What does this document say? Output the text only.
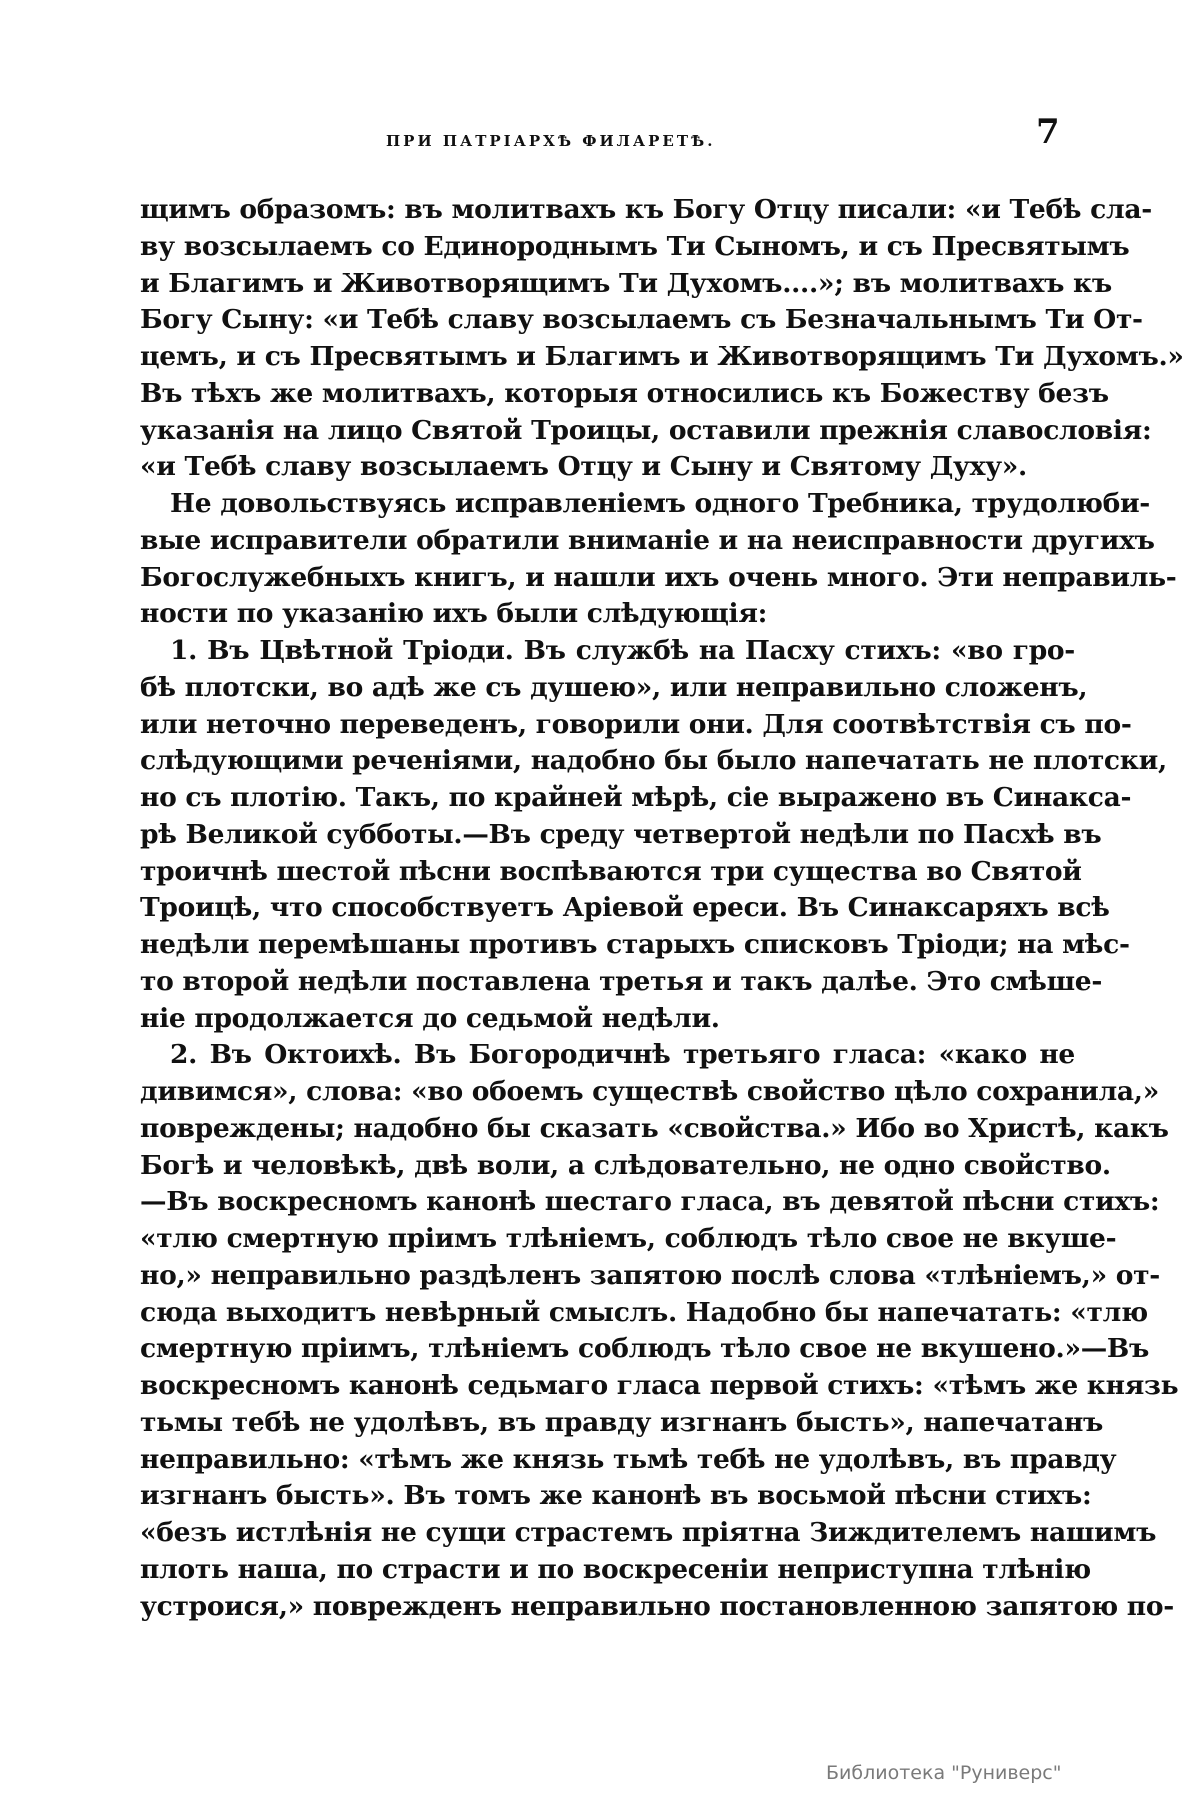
ПРИ ПАТРІАРХѢ ФИЛАРЕТѢ.	7
щимъ образомъ: въ молитвахъ къ Богу Отцу писали: «и Тебѣ сла-
ву возсылаемъ со Единороднымъ Ти Сыномъ, и съ Пресвятымъ
и Благимъ и Животворящимъ Ти Духомъ....»; въ молитвахъ къ
Богу Сыну: «и Тебѣ славу возсылаемъ съ Безначальнымъ Ти От-
цемъ, и съ Пресвятымъ и Благимъ и Животворящимъ Ти Духомъ.»
Въ тѣхъ же молитвахъ, которыя относились къ Божеству безъ
указанія на лицо Святой Троицы, оставили прежнія славословія:
«и Тебѣ славу возсылаемъ Отцу и Сыну и Святому Духу».
Не довольствуясь исправленіемъ одного Требника, трудолюби-
вые исправители обратили вниманіе и на неисправности другихъ
Богослужебныхъ книгъ, и нашли ихъ очень много. Эти неправиль-
ности по указанію ихъ были слѣдующія:
1. Въ Цвѣтной Тріоди. Въ службѣ на Пасху стихъ: «во гро-
бѣ плотски, во адѣ же съ душею», или неправильно сложенъ,
или неточно переведенъ, говорили они. Для соотвѣтствія съ по-
слѣдующими реченіями, надобно бы было напечатать не плотски,
но съ плотію. Такъ, по крайней мѣрѣ, сіе выражено въ Синакса-
рѣ Великой субботы.—Въ среду четвертой недѣли по Пасхѣ въ
троичнѣ шестой пѣсни воспѣваются три существа во Святой
Троицѣ, что способствуетъ Аріевой ереси. Въ Синаксаряхъ всѣ
недѣли перемѣшаны противъ старыхъ списковъ Тріоди; на мѣс-
то второй недѣли поставлена третья и такъ далѣе. Это смѣше-
ніе продолжается до седьмой недѣли.
2. Въ Октоихѣ. Въ Богородичнѣ третьяго гласа: «како не
дивимся», слова: «во обоемъ существѣ свойство цѣло сохранила,»
повреждены; надобно бы сказать «свойства.» Ибо во Христѣ, какъ
Богѣ и человѣкѣ, двѣ воли, а слѣдовательно, не одно свойство.
—Въ воскресномъ канонѣ шестаго гласа, въ девятой пѣсни стихъ:
«тлю смертную пріимъ тлѣніемъ, соблюдъ тѣло свое не вкуше-
но,» неправильно раздѣленъ запятою послѣ слова «тлѣніемъ,» от-
сюда выходитъ невѣрный смыслъ. Надобно бы напечатать: «тлю
смертную пріимъ, тлѣніемъ соблюдъ тѣло свое не вкушено.»—Въ
воскресномъ канонѣ седьмаго гласа первой стихъ: «тѣмъ же князь
тьмы тебѣ не удолѣвъ, въ правду изгнанъ бысть», напечатанъ
неправильно: «тѣмъ же князь тьмѣ тебѣ не удолѣвъ, въ правду
изгнанъ бысть». Въ томъ же канонѣ въ восьмой пѣсни стихъ:
«безъ истлѣнія не сущи страстемъ пріятна Зиждителемъ нашимъ
плоть наша, по страсти и по воскресеніи неприступна тлѣнію
устроися,» поврежденъ неправильно постановленною запятою по-
Библиотека "Руниверс"
